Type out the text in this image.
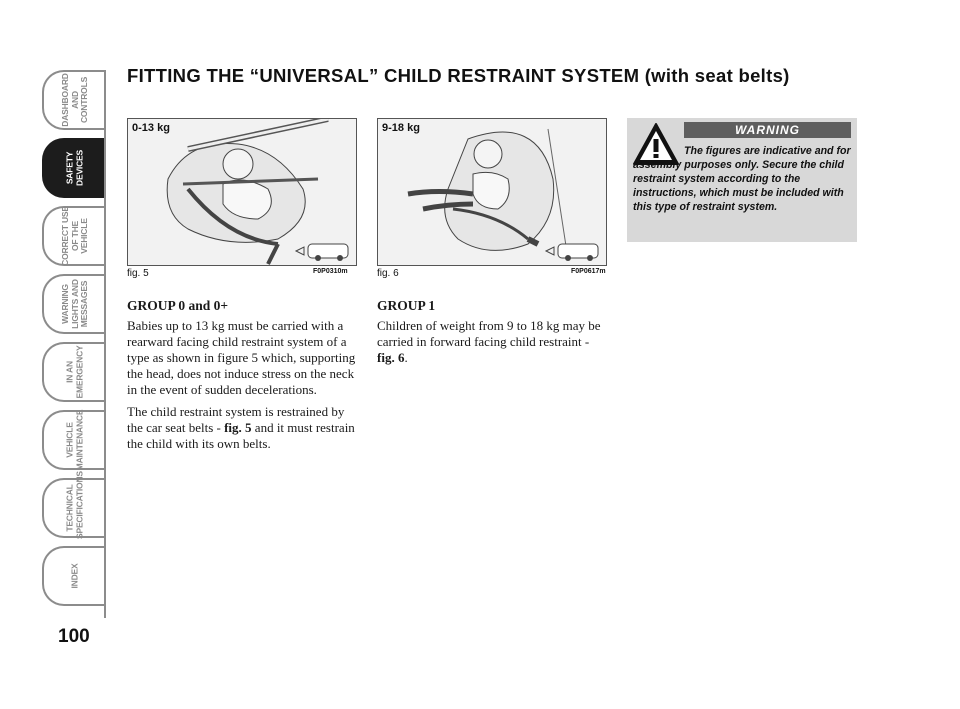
DASHBOARD
AND CONTROLS
SAFETY
DEVICES
CORRECT USE
OF THE VEHICLE
WARNING
LIGHTS AND
MESSAGES
IN AN
EMERGENCY
VEHICLE
MAINTENANCE
TECHNICAL
SPECIFICATIONS
INDEX
100
FITTING THE “UNIVERSAL” CHILD RESTRAINT SYSTEM (with seat belts)
0-13 kg
fig. 5	F0P0310m
9-18 kg
fig. 6	F0P0617m
GROUP 0 and 0+

Babies up to 13 kg must be carried with a rearward facing child restraint system of a type as shown in figure 5 which, supporting the head, does not induce stress on the neck in the event of sudden decelerations.

The child restraint system is restrained by the car seat belts - fig. 5 and it must restrain the child with its own belts.

GROUP 1

Children of weight from 9 to 18 kg may be carried in forward facing child restraint - fig. 6.

WARNING
The figures are indicative and for assembly purposes only. Secure the child restraint system according to the instructions, which must be included with this type of restraint system.
